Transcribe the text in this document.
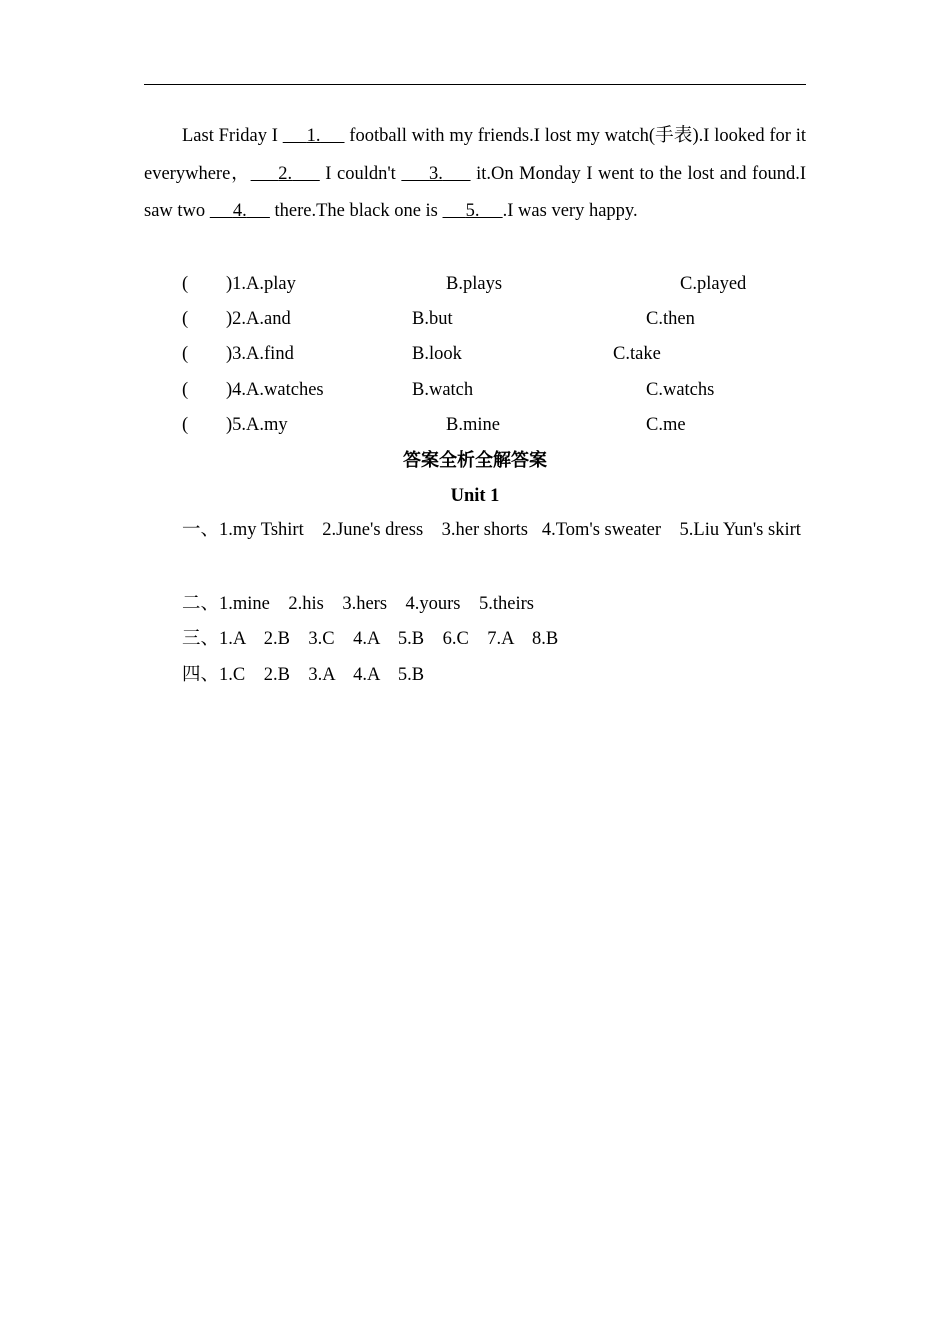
Last Friday I      1.      football with my friends.I lost my watch(手表).I looked for it everywhere， 2.      I couldn't      3.      it.On Monday I went to the lost and found.I saw two      4.      there.The black one is      5. .I was very happy.

( )1.A.play	B.plays	C.played
( )2.A.and	B.but	C.then
( )3.A.find	B.look	C.take
( )4.A.watches	B.watch	C.watchs
( )5.A.my	B.mine	C.me
答案全析全解答案
Unit 1

一、1.my Tshirt    2.June's dress    3.her shorts   4.Tom's sweater    5.Liu Yun's skirt

二、1.mine    2.his    3.hers    4.yours    5.theirs
三、1.A    2.B    3.C    4.A    5.B    6.C    7.A    8.B
四、1.C    2.B    3.A    4.A    5.B
